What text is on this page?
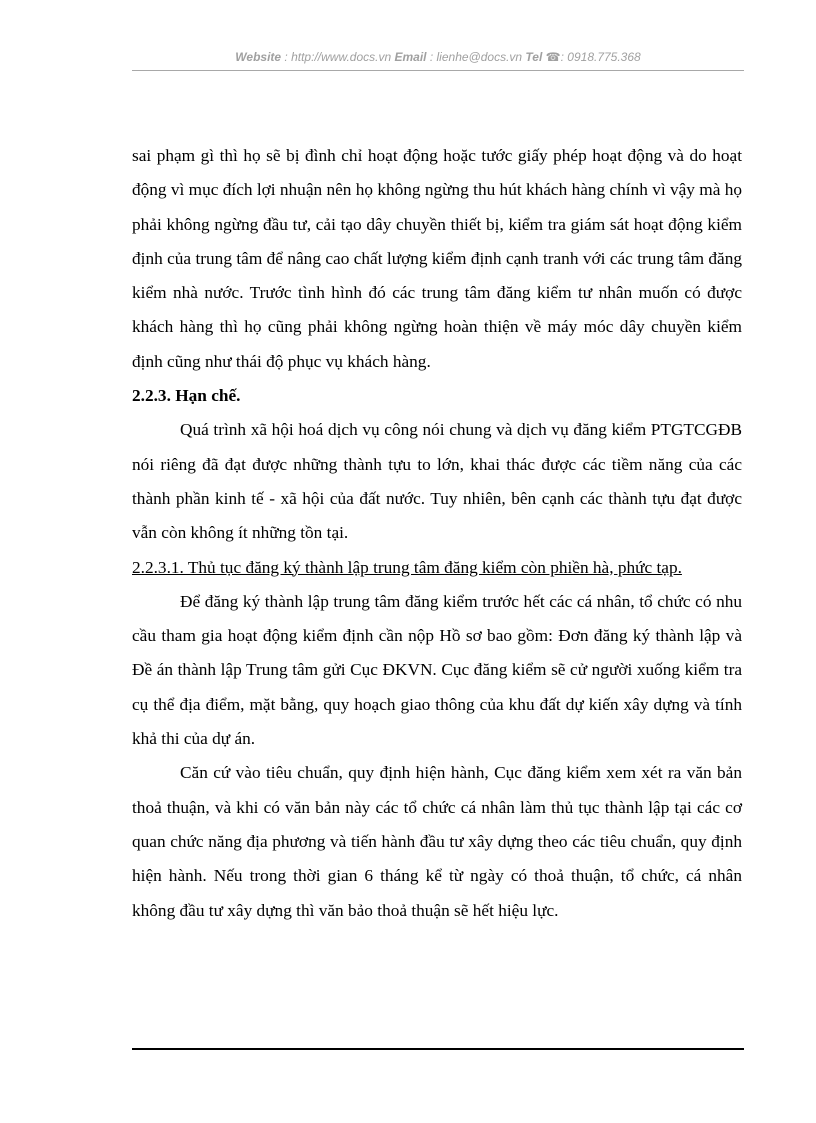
Website : http://www.docs.vn Email : lienhe@docs.vn Tel ☎: 0918.775.368

sai phạm gì thì họ sẽ bị đình chỉ hoạt động hoặc tước giấy phép hoạt động và do hoạt động vì mục đích lợi nhuận nên họ không ngừng thu hút khách hàng chính vì vậy mà họ phải không ngừng đầu tư, cải tạo dây chuyền thiết bị, kiểm tra giám sát hoạt động kiểm định của trung tâm để nâng cao chất lượng kiểm định cạnh tranh với các trung tâm đăng kiểm nhà nước. Trước tình hình đó các trung tâm đăng kiểm tư nhân muốn có được khách hàng thì họ cũng phải không ngừng hoàn thiện về máy móc dây chuyền kiểm định cũng như thái độ phục vụ khách hàng.

2.2.3. Hạn chế.

Quá trình xã hội hoá dịch vụ công nói chung và dịch vụ đăng kiểm PTGTCGĐB nói riêng đã đạt được những thành tựu to lớn, khai thác được các tiềm năng của các thành phần kinh tế - xã hội của đất nước. Tuy nhiên, bên cạnh các thành tựu đạt được vẫn còn không ít những tồn tại.

2.2.3.1. Thủ tục đăng ký thành lập trung tâm đăng kiểm còn phiền hà, phức tạp.

Để đăng ký thành lập trung tâm đăng kiểm trước hết các cá nhân, tổ chức có nhu cầu tham gia hoạt động kiểm định cần nộp Hồ sơ bao gồm: Đơn đăng ký thành lập và Đề án thành lập Trung tâm gửi Cục ĐKVN. Cục đăng kiểm sẽ cử người xuống kiểm tra cụ thể địa điểm, mặt bằng, quy hoạch giao thông của khu đất dự kiến xây dựng và tính khả thi của dự án.

Căn cứ vào tiêu chuẩn, quy định hiện hành, Cục đăng kiểm xem xét ra văn bản thoả thuận, và khi có văn bản này các tổ chức cá nhân làm thủ tục thành lập tại các cơ quan chức năng địa phương và tiến hành đầu tư xây dựng theo các tiêu chuẩn, quy định hiện hành. Nếu trong thời gian 6 tháng kể từ ngày có thoả thuận, tổ chức, cá nhân không đầu tư xây dựng thì văn bảo thoả thuận sẽ hết hiệu lực.
